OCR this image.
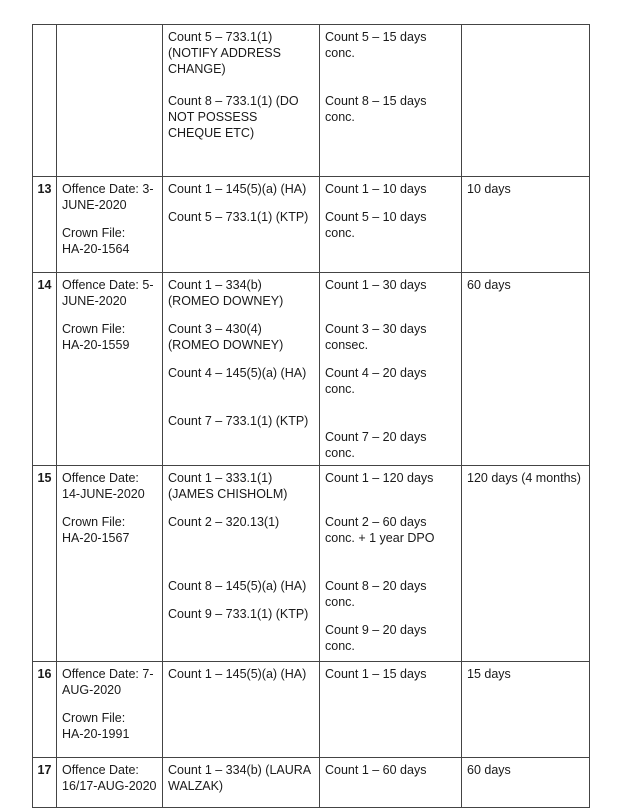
		Count 5 – 733.1(1) (NOTIFY ADDRESS CHANGE)
Count 8 – 733.1(1) (DO NOT POSSESS CHEQUE ETC)	Count 5 – 15 days conc.
Count 8 – 15 days conc.	

13	Offence Date: 3-JUNE-2020
Crown File:
HA-20-1564	Count 1 – 145(5)(a) (HA)
Count 5 – 733.1(1) (KTP)	Count 1 – 10 days
Count 5 – 10 days conc.	10 days
14	Offence Date: 5-JUNE-2020
Crown File:
HA-20-1559	Count 1 – 334(b) (ROMEO DOWNEY)
Count 3 – 430(4) (ROMEO DOWNEY)
Count 4 – 145(5)(a) (HA)
Count 7 – 733.1(1) (KTP)	Count 1 – 30 days
Count 3 – 30 days consec.
Count 4 – 20 days conc.
Count 7 – 20 days conc.	60 days
15	Offence Date: 14-JUNE-2020
Crown File:
HA-20-1567	Count 1 – 333.1(1) (JAMES CHISHOLM)
Count 2 – 320.13(1)
Count 8 – 145(5)(a) (HA)
Count 9 – 733.1(1) (KTP)	Count 1 – 120 days
Count 2 – 60 days conc. + 1 year DPO
Count 8 – 20 days conc.
Count 9 – 20 days conc.	120 days (4 months)
16	Offence Date: 7-AUG-2020
Crown File:
HA-20-1991	Count 1 – 145(5)(a) (HA)	Count 1 – 15 days	15 days
17	Offence Date: 16/17-AUG-2020	Count 1 – 334(b) (LAURA WALZAK)	Count 1 – 60 days	60 days
